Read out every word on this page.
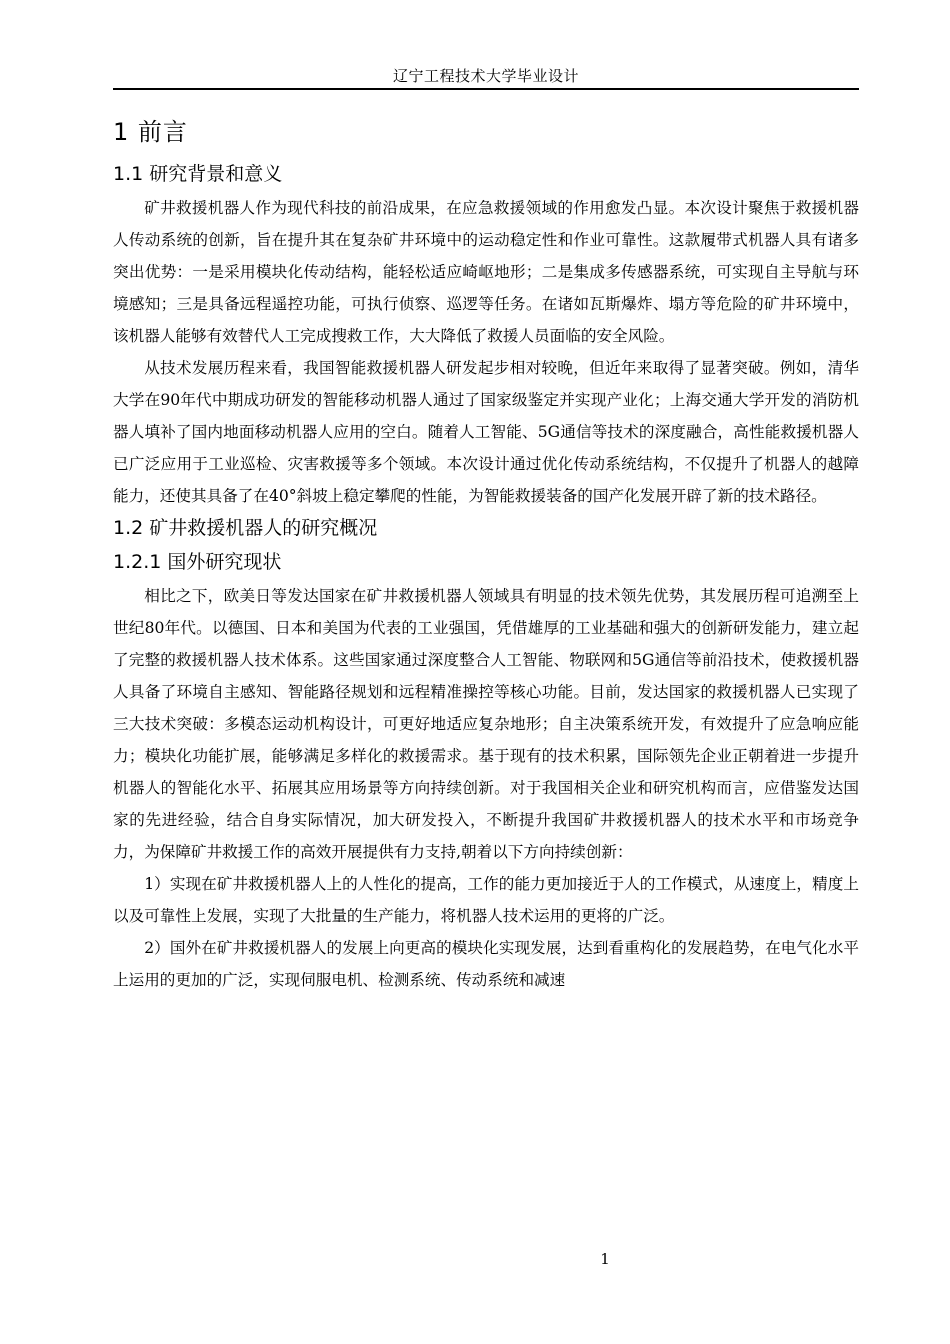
辽宁工程技术大学毕业设计
1 前言
1.1 研究背景和意义

矿井救援机器人作为现代科技的前沿成果，在应急救援领域的作用愈发凸显。本次设计聚焦于救援机器人传动系统的创新，旨在提升其在复杂矿井环境中的运动稳定性和作业可靠性。这款履带式机器人具有诸多突出优势：一是采用模块化传动结构，能轻松适应崎岖地形；二是集成多传感器系统，可实现自主导航与环境感知；三是具备远程遥控功能，可执行侦察、巡逻等任务。在诸如瓦斯爆炸、塌方等危险的矿井环境中，该机器人能够有效替代人工完成搜救工作，大大降低了救援人员面临的安全风险。

从技术发展历程来看，我国智能救援机器人研发起步相对较晚，但近年来取得了显著突破。例如，清华大学在90年代中期成功研发的智能移动机器人通过了国家级鉴定并实现产业化；上海交通大学开发的消防机器人填补了国内地面移动机器人应用的空白。随着人工智能、5G通信等技术的深度融合，高性能救援机器人已广泛应用于工业巡检、灾害救援等多个领域。本次设计通过优化传动系统结构，不仅提升了机器人的越障能力，还使其具备了在40°斜坡上稳定攀爬的性能，为智能救援装备的国产化发展开辟了新的技术路径。

1.2 矿井救援机器人的研究概况
1.2.1 国外研究现状

相比之下，欧美日等发达国家在矿井救援机器人领域具有明显的技术领先优势，其发展历程可追溯至上世纪80年代。以德国、日本和美国为代表的工业强国，凭借雄厚的工业基础和强大的创新研发能力，建立起了完整的救援机器人技术体系。这些国家通过深度整合人工智能、物联网和5G通信等前沿技术，使救援机器人具备了环境自主感知、智能路径规划和远程精准操控等核心功能。目前，发达国家的救援机器人已实现了三大技术突破：多模态运动机构设计，可更好地适应复杂地形；自主决策系统开发，有效提升了应急响应能力；模块化功能扩展，能够满足多样化的救援需求。基于现有的技术积累，国际领先企业正朝着进一步提升机器人的智能化水平、拓展其应用场景等方向持续创新。对于我国相关企业和研究机构而言，应借鉴发达国家的先进经验，结合自身实际情况，加大研发投入，不断提升我国矿井救援机器人的技术水平和市场竞争力，为保障矿井救援工作的高效开展提供有力支持,朝着以下方向持续创新：

1）实现在矿井救援机器人上的人性化的提高，工作的能力更加接近于人的工作模式，从速度上，精度上以及可靠性上发展，实现了大批量的生产能力，将机器人技术运用的更将的广泛。

2）国外在矿井救援机器人的发展上向更高的模块化实现发展，达到看重构化的发展趋势，在电气化水平上运用的更加的广泛，实现伺服电机、检测系统、传动系统和减速

1
